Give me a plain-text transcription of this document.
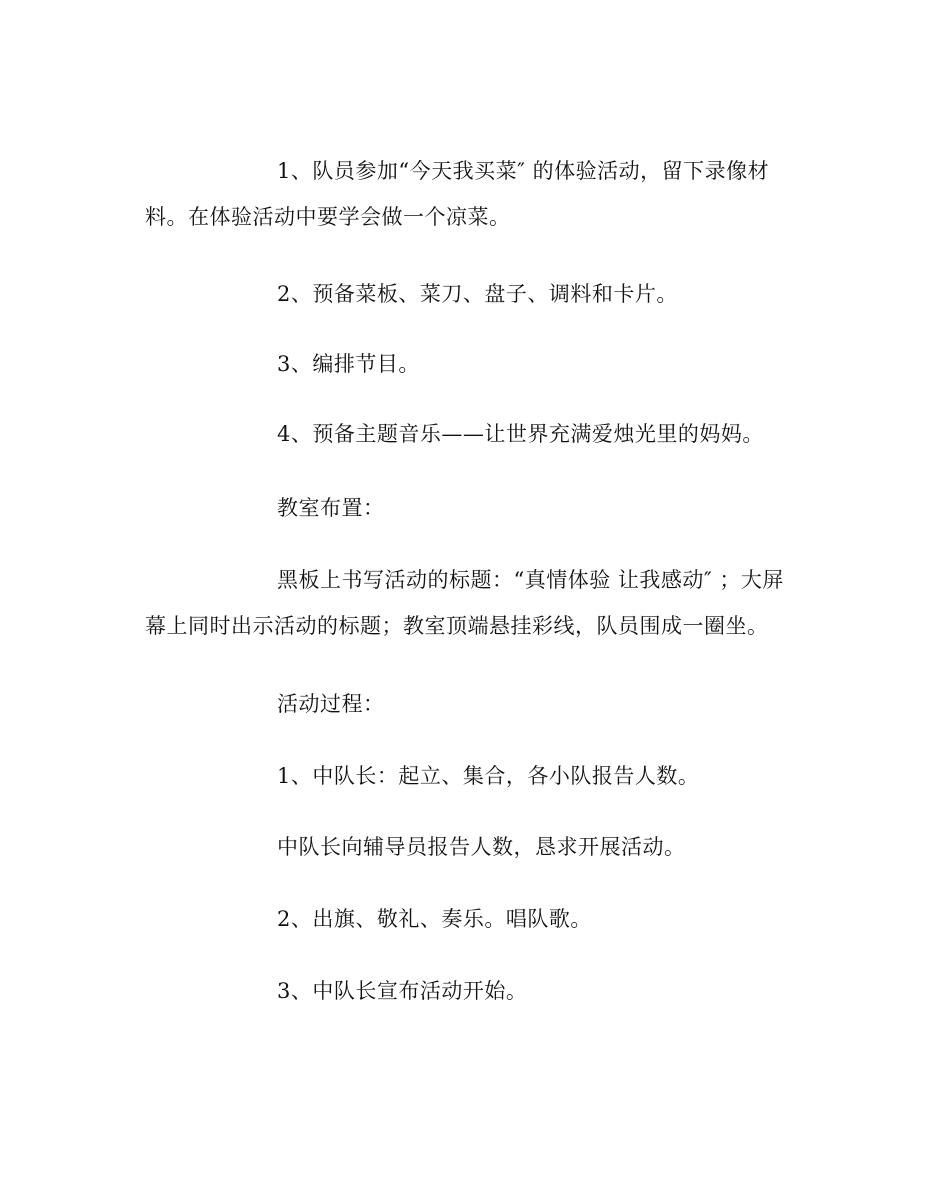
1、队员参加“今天我买菜″ 的体验活动，留下录像材料。在体验活动中要学会做一个凉菜。

2、预备菜板、菜刀、盘子、调料和卡片。

3、编排节目。

4、预备主题音乐——让世界充满爱烛光里的妈妈。

教室布置：

黑板上书写活动的标题：“真情体验 让我感动″ ；大屏幕上同时出示活动的标题；教室顶端悬挂彩线，队员围成一圈坐。

活动过程：

1、中队长：起立、集合，各小队报告人数。

中队长向辅导员报告人数，恳求开展活动。

2、出旗、敬礼、奏乐。唱队歌。

3、中队长宣布活动开始。
